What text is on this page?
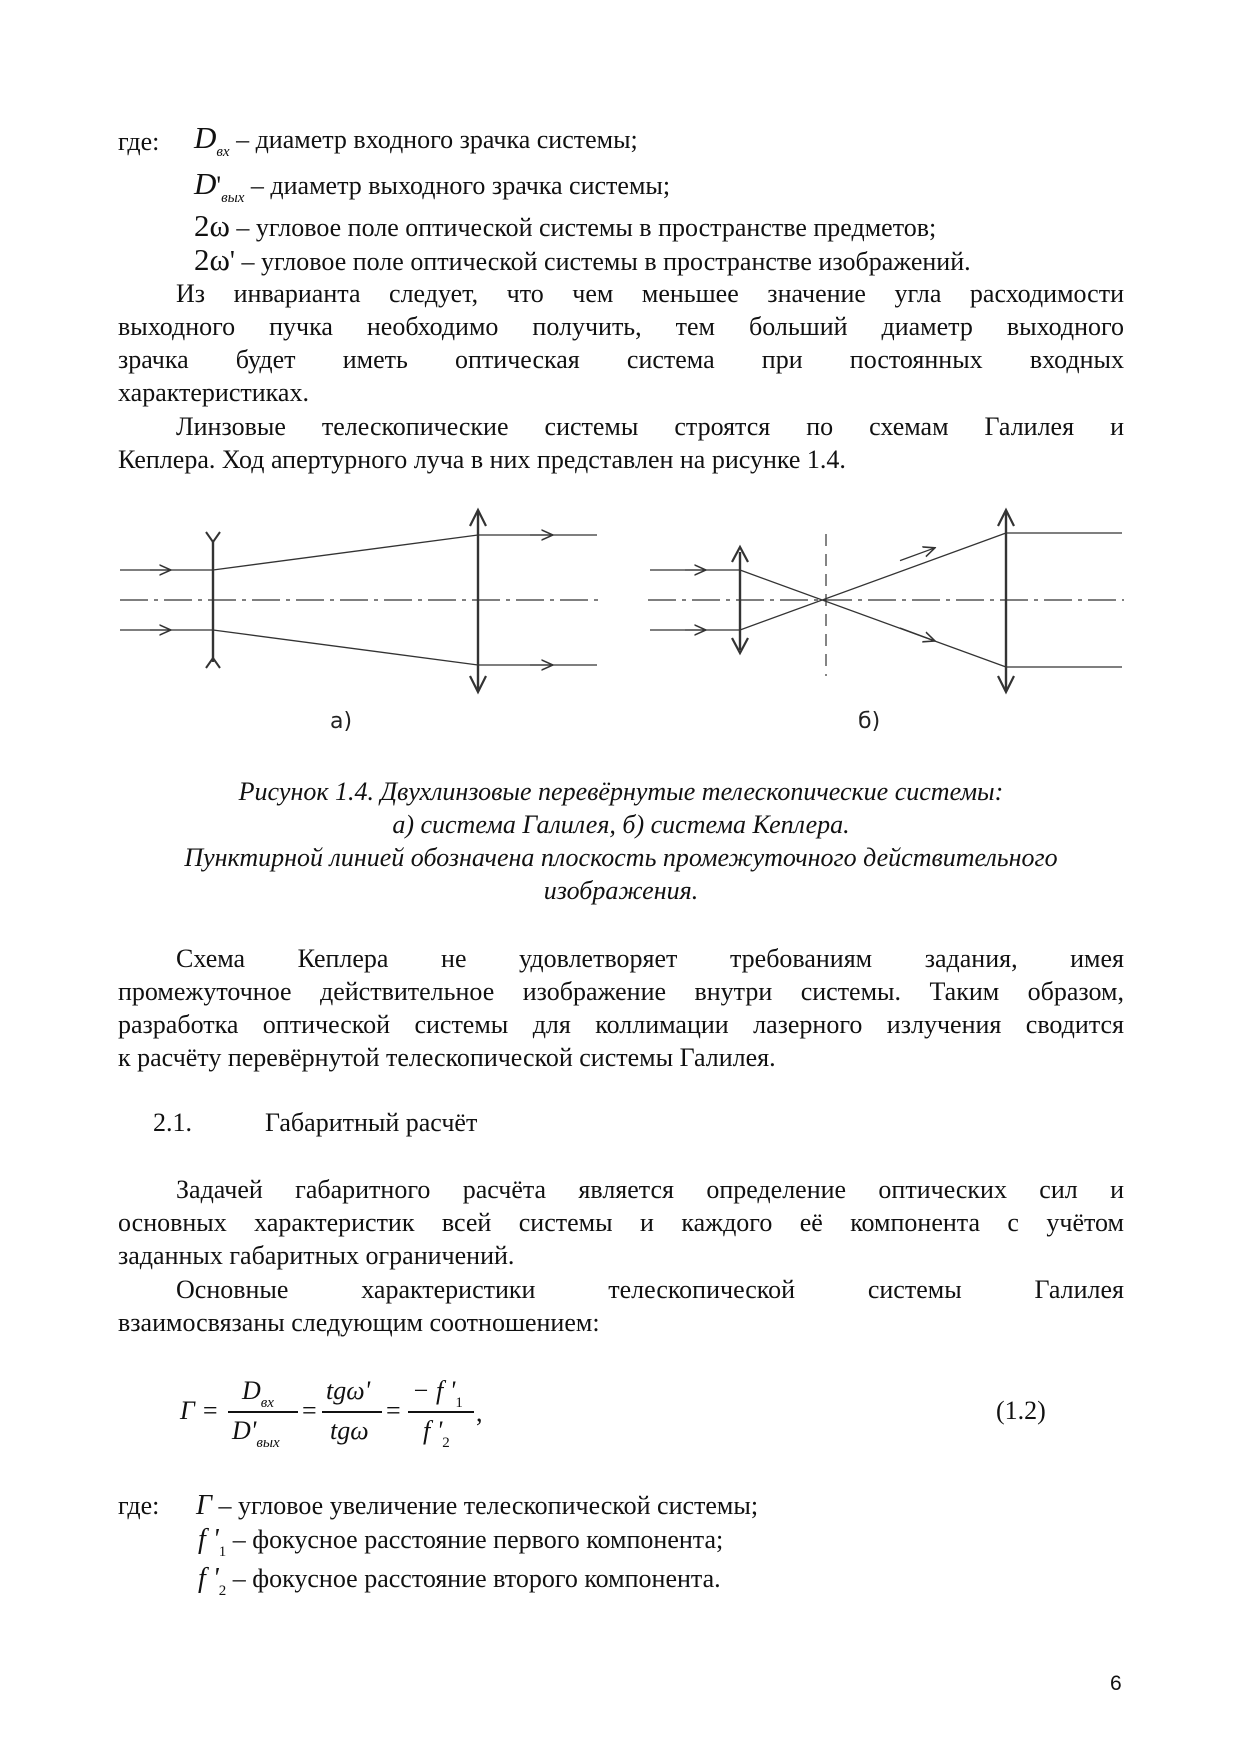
где: $D_{вх}$ – диаметр входного зрачка системы;
$D'_{вых}$ – диаметр выходного зрачка системы;
2ω – угловое поле оптической системы в пространстве предметов;
2ω' – угловое поле оптической системы в пространстве изображений.
Из инварианта следует, что чем меньшее значение угла расходимости
выходного пучка необходимо получить, тем больший диаметр выходного
зрачка будет иметь оптическая система при постоянных входных
характеристиках.
Линзовые телескопические системы строятся по схемам Галилея и
Кеплера. Ход апертурного луча в них представлен на рисунке 1.4.
a)	б)
Рисунок 1.4. Двухлинзовые перевёрнутые телескопические системы:
а) система Галилея, б) система Кеплера.
Пунктирной линией обозначена плоскость промежуточного действительного
изображения.
Схема Кеплера не удовлетворяет требованиям задания, имея
промежуточное действительное изображение внутри системы. Таким образом,
разработка оптической системы для коллимации лазерного излучения сводится
к расчёту перевёрнутой телескопической системы Галилея.
2.1.	Габаритный расчёт
Задачей габаритного расчёта является определение оптических сил и
основных характеристик всей системы и каждого её компонента с учётом
заданных габаритных ограничений.
Основные характеристики телескопической системы Галилея
взаимосвязаны следующим соотношением:
Г =
$D_{вх}$
$D'_{вых}$
=
tgω'
tgω
=
− f '$_1$
f '$_2$
,	(1.2)
где: Г – угловое увеличение телескопической системы;
f '$_1$ – фокусное расстояние первого компонента;
f '$_2$ – фокусное расстояние второго компонента.
6
